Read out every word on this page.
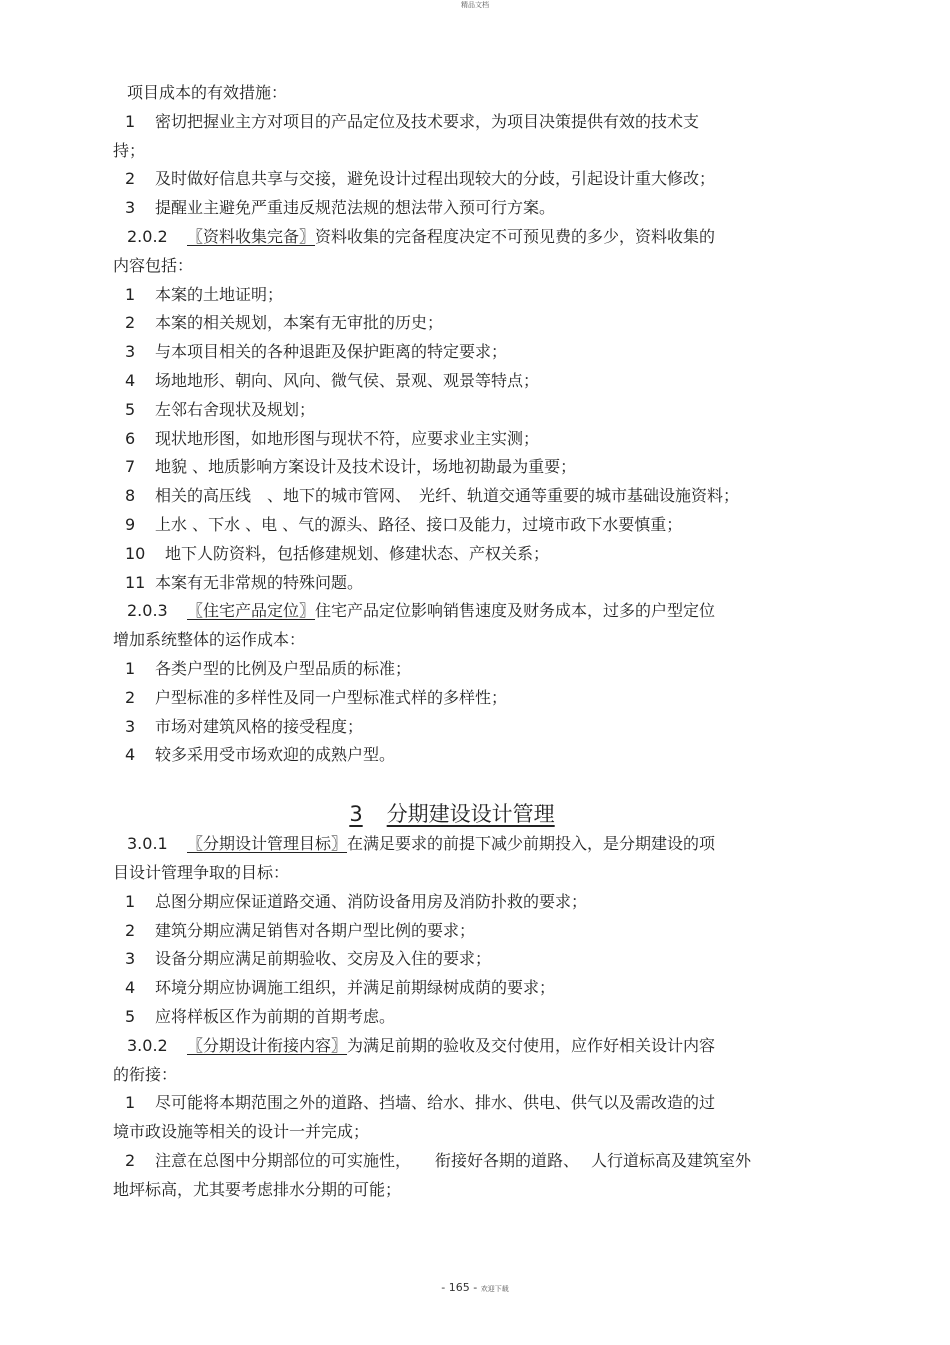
精品文档

项目成本的有效措施：

1 密切把握业主方对项目的产品定位及技术要求，为项目决策提供有效的技术支

持；

2 及时做好信息共享与交接，避免设计过程出现较大的分歧，引起设计重大修改；

3 提醒业主避免严重违反规范法规的想法带入预可行方案。

2.0.2 〖资料收集完备〗资料收集的完备程度决定不可预见费的多少，资料收集的

内容包括：

1 本案的土地证明；

2 本案的相关规划，本案有无审批的历史；

3 与本项目相关的各种退距及保护距离的特定要求；

4 场地地形、朝向、风向、微气侯、景观、观景等特点；

5 左邻右舍现状及规划；

6 现状地形图，如地形图与现状不符，应要求业主实测；

7 地貌 、地质影响方案设计及技术设计，场地初勘最为重要；

8 相关的高压线　、地下的城市管网、　光纤、轨道交通等重要的城市基础设施资料；

9 上水 、下水 、电 、气的源头、路径、接口及能力，过境市政下水要慎重；

10 地下人防资料，包括修建规划、修建状态、产权关系；

11 本案有无非常规的特殊问题。

2.0.3 〖住宅产品定位〗住宅产品定位影响销售速度及财务成本，过多的户型定位

增加系统整体的运作成本：

1 各类户型的比例及户型品质的标准；

2 户型标准的多样性及同一户型标准式样的多样性；

3 市场对建筑风格的接受程度；

4 较多采用受市场欢迎的成熟户型。

3 分期建设设计管理

3.0.1 〖分期设计管理目标〗在满足要求的前提下减少前期投入，是分期建设的项

目设计管理争取的目标：

1 总图分期应保证道路交通、消防设备用房及消防扑救的要求；

2 建筑分期应满足销售对各期户型比例的要求；

3 设备分期应满足前期验收、交房及入住的要求；

4 环境分期应协调施工组织，并满足前期绿树成荫的要求；

5 应将样板区作为前期的首期考虑。

3.0.2 〖分期设计衔接内容〗为满足前期的验收及交付使用，应作好相关设计内容

的衔接：

1 尽可能将本期范围之外的道路、挡墙、给水、排水、供电、供气以及需改造的过

境市政设施等相关的设计一并完成；

2 注意在总图中分期部位的可实施性， 衔接好各期的道路、 人行道标高及建筑室外

地坪标高，尤其要考虑排水分期的可能；

- 165 - 欢迎下载
